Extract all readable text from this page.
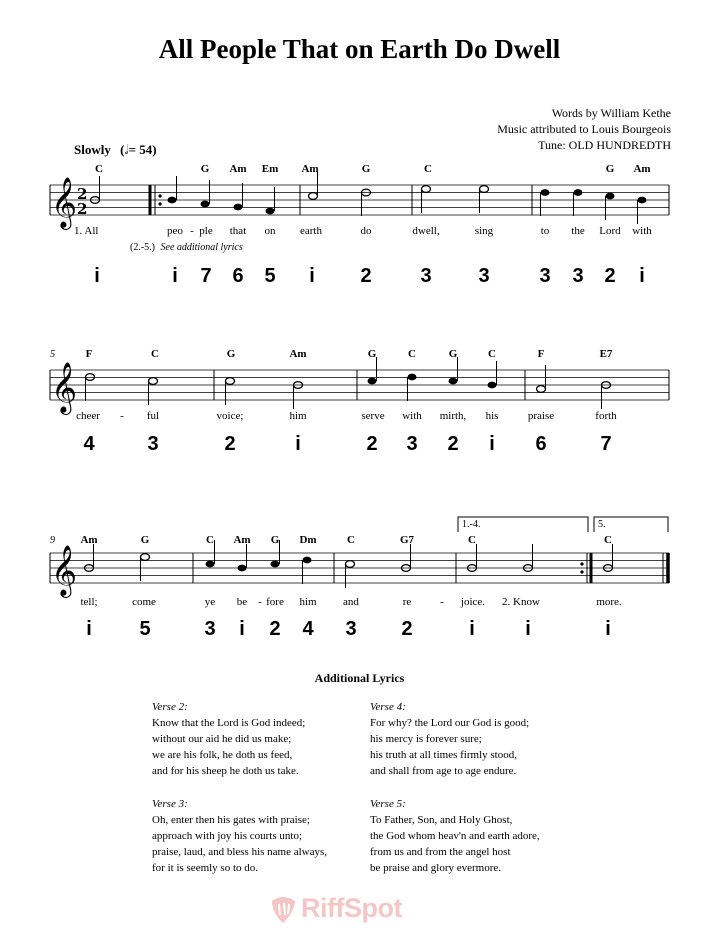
All People That on Earth Do Dwell
Words by William Kethe
Music attributed to Louis Bourgeois
Tune: OLD HUNDREDTH
Slowly (𝅗𝅥= 54)
𝄞
𝄞
𝄞
2
2
5
9
(2.-5.) See additional lyrics
1.-4.	5.
C	G Am Em Am	G	C	G Am
1. All	peo - ple that on earth	do	dwell,	sing	to the Lord with
i	i 7 6 5 i 2 3 3 3 3 2 i
F	C	G	Am	G	C	G	C	F	E7
cheer - ful	voice;	him	serve with mirth, his	praise	forth
4	3	2	i	2 3 2 i 6	7
Am	G	C Am G Dm	C	G7	C	C
tell;	come	ye be - fore him and	re	- joice. 2. Know	more.
i 5	3 i 2 4 3 2	i	i	i
Additional Lyrics
Verse 2:
Know that the Lord is God indeed;
without our aid he did us make;
we are his folk, he doth us feed,
and for his sheep he doth us take.
Verse 3:
Oh, enter then his gates with praise;
approach with joy his courts unto;
praise, laud, and bless his name always,
for it is seemly so to do.
Verse 4:
For why? the Lord our God is good;
his mercy is forever sure;
his truth at all times firmly stood,
and shall from age to age endure.
Verse 5:
To Father, Son, and Holy Ghost,
the God whom heav'n and earth adore,
from us and from the angel host
be praise and glory evermore.
RiffSpot
